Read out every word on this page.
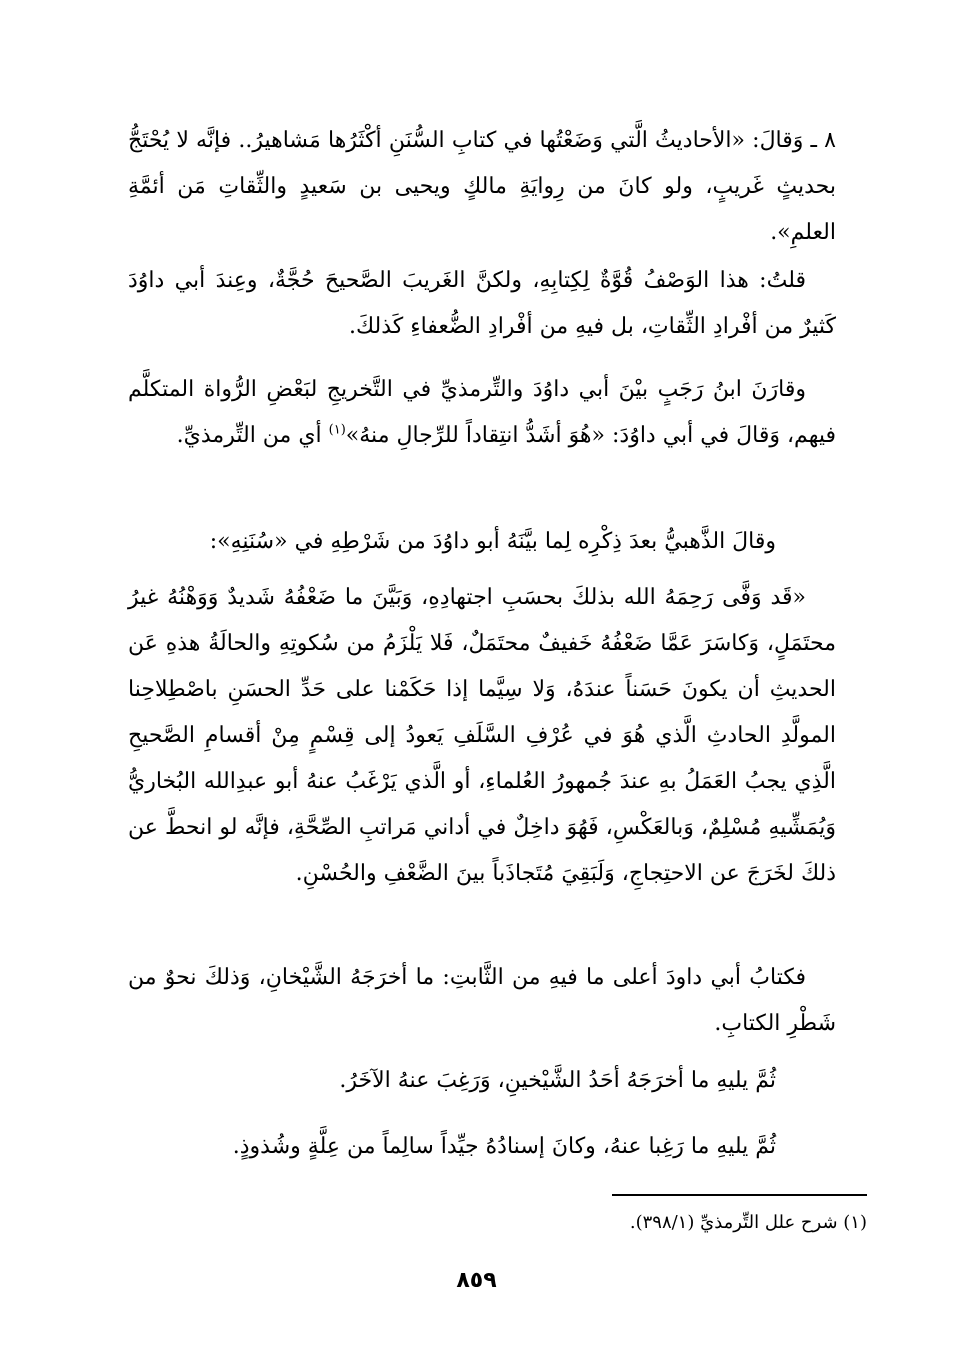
٨ ـ وَقالَ: «الأحاديثُ الَّتي وَضَعْتُها في كتابِ السُّنَنِ أكْثَرُها مَشاهيرُ.. فإنَّه لا يُحْتَجُّ بحديثٍ غَريبٍ، ولو كانَ من رِوايَةِ مالكٍ ويحيى بن سَعيدٍ والثِّقاتِ مَن أئمَّةِ العلمِ».

قلتُ: هذا الوَصْفُ قُوَّةٌ لِكِتابِهِ، ولكنَّ الغَريبَ الصَّحيحَ حُجَّةٌ، وعِندَ أبي داوُدَ كَثيرٌ من أفْرادِ الثِّقاتِ، بل فيهِ من أفْرادِ الضُّعفاءِ كَذلكَ.

وقارَنَ ابنُ رَجَبٍ بيْنَ أبي داوُدَ والتِّرمذيِّ في التَّخريجِ لبَعْضِ الرُّواة المتكلَّم فيهم، وَقالَ في أبي داوُدَ: «هُوَ أشَدُّ انتِقاداً للرِّجالِ منهُ»$^{(١)}$ أي من التِّرمذيِّ.

وقالَ الذَّهبيُّ بعدَ ذِكْرِه لِما بيَّنَهُ أبو داوُدَ من شَرْطِهِ في «سُنَنِهِ»:

«قَد وَفَّى رَحِمَهُ الله بذلكَ بحسَبِ اجتهادِهِ، وَبَيَّنَ ما ضَعْفُهُ شَديدٌ وَوَهْنُهُ غيرُ محتَمَلٍ، وَكاسَرَ عَمَّا ضَعْفُهُ خَفيفٌ محتَمَلٌ، فَلا يَلْزَمُ من سُكوتِهِ والحالَةُ هذهِ عَن الحديثِ أن يكونَ حَسَناً عندَهُ، وَلا سِيَّما إذا حَكَمْنا على حَدِّ الحسَنِ باصْطِلاحِنا المولَّدِ الحادثِ الَّذي هُوَ في عُرْفِ السَّلَفِ يَعودُ إلى قِسْمٍ مِنْ أقسامِ الصَّحيحِ الَّذِي يجبُ العَمَلُ بهِ عندَ جُمهورُ العُلماءِ، أو الَّذي يَرْغَبُ عنهُ أبو عبدِالله البُخاريُّ وَيُمَشِّيهِ مُسْلِمٌ، وَبالعَكْسِ، فَهُوَ داخِلٌ في أداني مَراتبِ الصِّحَّةِ، فإنَّه لو انحطَّ عن ذلكَ لخَرَجَ عن الاحتِجاجِ، وَلَبَقِيَ مُتَجاذَباً بينَ الضَّعْفِ والحُسْنِ.

فكتابُ أبي داودَ أعلى ما فيهِ من الثَّابتِ: ما أخرَجَهُ الشَّيْخانِ، وَذلكَ نحوٌ من شَطْرِ الكتابِ.

ثُمَّ يليهِ ما أخرَجَهُ أحَدُ الشَّيْخينِ، وَرَغِبَ عنهُ الآخَرُ.

ثُمَّ يليهِ ما رَغِبا عنهُ، وكانَ إسنادُهُ جيِّداً سالِماً من عِلَّةٍ وشُذوذٍ.

(١) شرح علل التِّرمذيِّ (٣٩٨/١).
٨٥٩
